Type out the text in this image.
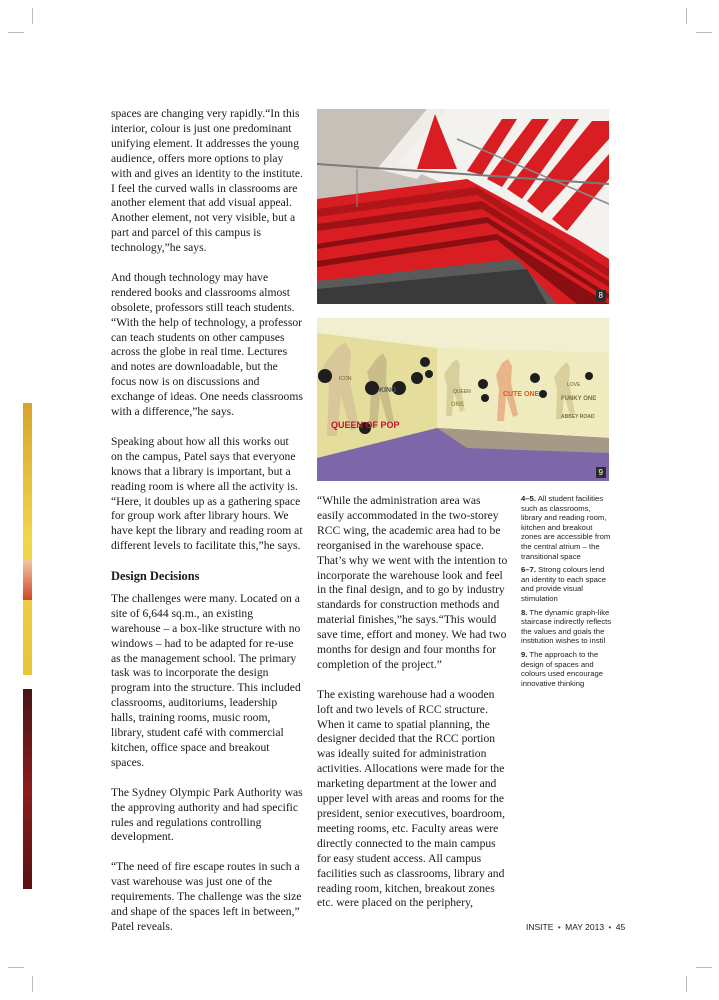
spaces are changing very rapidly.“In this interior, colour is just one predominant unifying element. It addresses the young audience, offers more options to play with and gives an identity to the institute. I feel the curved walls in classrooms are another element that add visual appeal. Another element, not very visible, but a part and parcel of this campus is technology,”he says.

And though technology may have rendered books and classrooms almost obsolete, professors still teach students. “With the help of technology, a professor can teach students on other campuses across the globe in real time. Lectures and notes are downloadable, but the focus now is on discussions and exchange of ideas. One needs classrooms with a difference,”he says.

Speaking about how all this works out on the campus, Patel says that everyone knows that a library is important, but a reading room is where all the activity is. “Here, it doubles up as a gathering space for group work after library hours. We have kept the library and reading room at different levels to facilitate this,”he says.

Design Decisions

The challenges were many. Located on a site of 6,644 sq.m., an existing warehouse – a box-like structure with no windows – had to be adapted for re-use as the management school. The primary task was to incorporate the design program into the structure. This included classrooms, auditoriums, leadership halls, training rooms, music room, library, student café with commercial kitchen, office space and breakout spaces.

The Sydney Olympic Park Authority was the approving authority and had specific rules and regulations controlling development.

“The need of fire escape routes in such a vast warehouse was just one of the requirements. The challenge was the size and shape of the spaces left in between,” Patel reveals.

8
QUEEN OF POP
KING
ONE
CUTE ONE
FUNKY ONE
ABBEY ROAD
ICON
LOVE
QUEEN
9

“While the administration area was easily accommodated in the two-storey RCC wing, the academic area had to be reorganised in the warehouse space. That’s why we went with the intention to incorporate the warehouse look and feel in the final design, and to go by industry standards for construction methods and material finishes,”he says.“This would save time, effort and money. We had two months for design and four months for completion of the project.”

The existing warehouse had a wooden loft and two levels of RCC structure. When it came to spatial planning, the designer decided that the RCC portion was ideally suited for administration activities. Allocations were made for the marketing department at the lower and upper level with areas and rooms for the president, senior executives, boardroom, meeting rooms, etc. Faculty areas were directly connected to the main campus for easy student access. All campus facilities such as classrooms, library and reading room, kitchen, breakout zones etc. were placed on the periphery,

4–5. All student facilities such as classrooms, library and reading room, kitchen and breakout zones are accessible from the central atrium – the transitional space
6–7. Strong colours lend an identity to each space and provide visual stimulation
8. The dynamic graph-like staircase indirectly reflects the values and goals the institution wishes to instil
9. The approach to the design of spaces and colours used encourage innovative thinking
INSITE • MAY 2013 • 45
